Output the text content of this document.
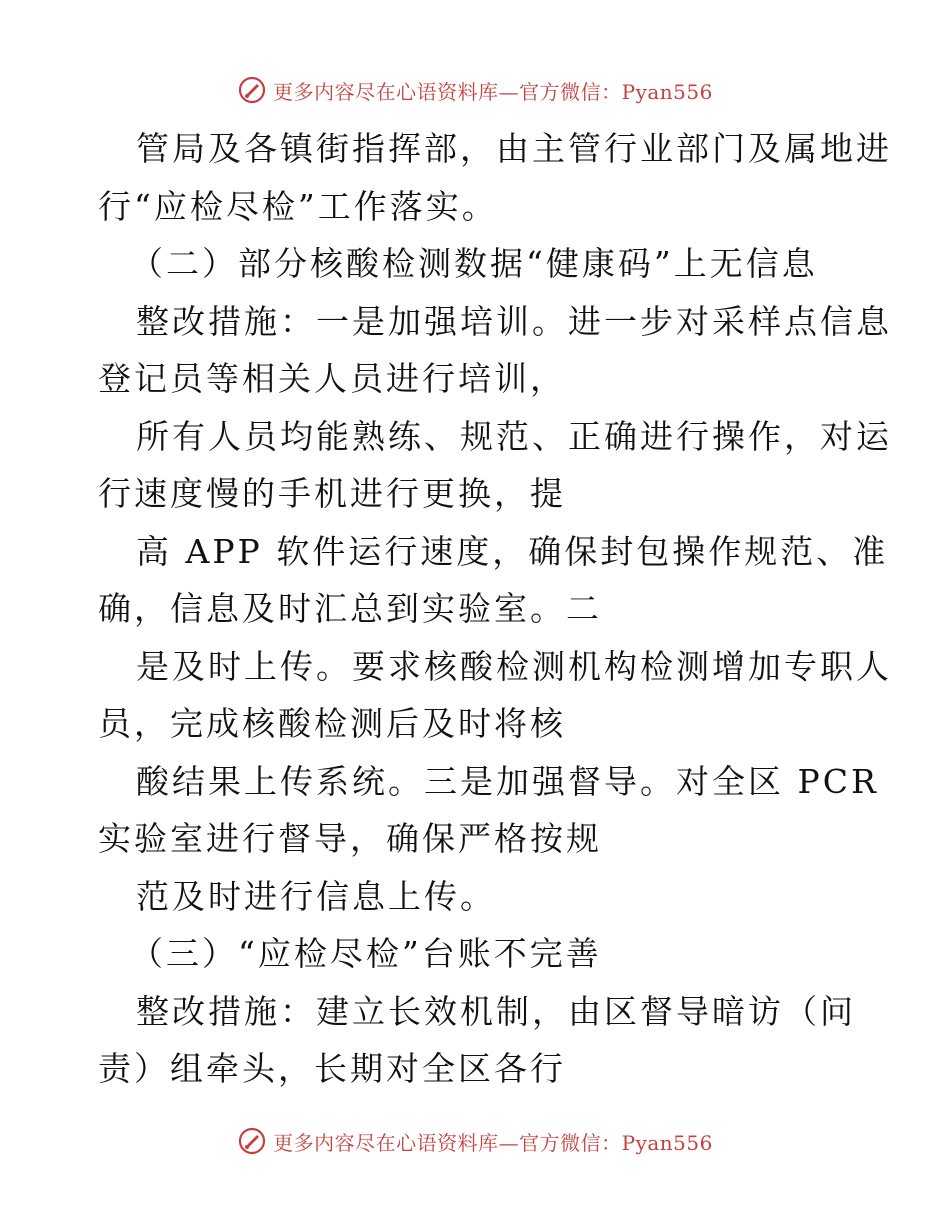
更多内容尽在心语资料库—官方微信：Pyan556
管局及各镇街指挥部，由主管行业部门及属地进
行“应检尽检”工作落实。
（二）部分核酸检测数据“健康码”上无信息
整改措施：一是加强培训。进一步对采样点信息
登记员等相关人员进行培训，
所有人员均能熟练、规范、正确进行操作，对运
行速度慢的手机进行更换，提
高 APP 软件运行速度，确保封包操作规范、准
确，信息及时汇总到实验室。二
是及时上传。要求核酸检测机构检测增加专职人
员，完成核酸检测后及时将核
酸结果上传系统。三是加强督导。对全区 PCR
实验室进行督导，确保严格按规
范及时进行信息上传。
（三）“应检尽检”台账不完善
整改措施：建立长效机制，由区督导暗访（问
责）组牵头，长期对全区各行
更多内容尽在心语资料库—官方微信：Pyan556
